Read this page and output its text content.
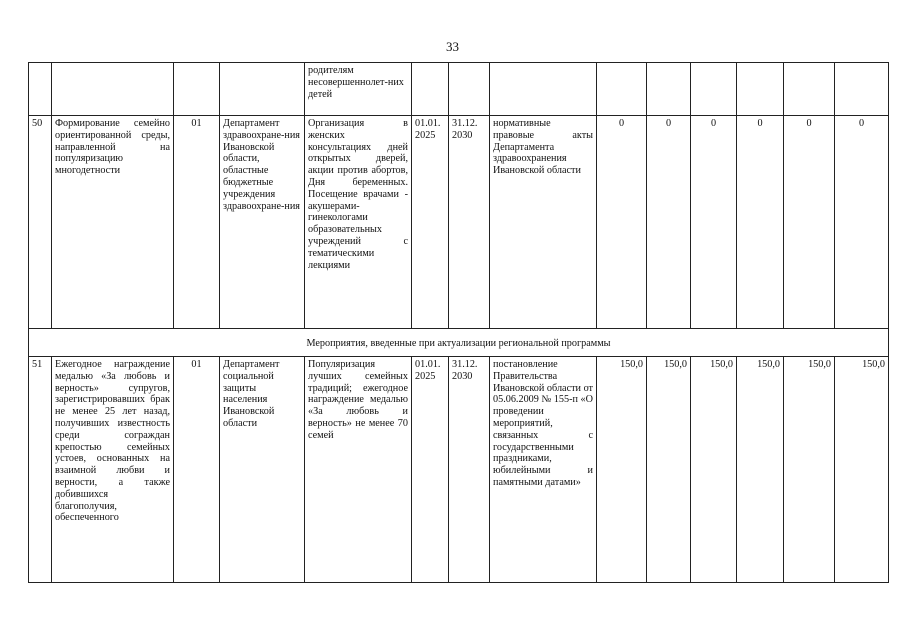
33
				родителям несовершеннолет-них детей									
50	Формирование семейно ориентированной среды, направленной на популяризацию многодетности	01	Департамент здравоохране-ния Ивановской области, областные бюджетные учреждения здравоохране-ния	Организация в женских консультациях дней открытых дверей, акции против абортов, Дня беременных. Посещение врачами - акушерами-гинекологами образовательных учреждений с тематическими лекциями	01.01. 2025	31.12. 2030	нормативные правовые акты Департамента здравоохранения Ивановской области	0	0	0	0	0	0
Мероприятия, введенные при актуализации региональной программы													
51	Ежегодное награждение медалью «За любовь и верность» супругов, зарегистрировавших брак не менее 25 лет назад, получивших известность среди сограждан крепостью семейных устоев, основанных на взаимной любви и верности, а также добившихся благополучия, обеспеченного	01	Департамент социальной защиты населения Ивановской области	Популяризация лучших семейных традиций; ежегодное награждение медалью «За любовь и верность» не менее 70 семей	01.01. 2025	31.12. 2030	постановление Правительства Ивановской области от 05.06.2009 № 155-п «О проведении мероприятий, связанных с государственными праздниками, юбилейными и памятными датами»	150,0	150,0	150,0	150,0	150,0	150,0
